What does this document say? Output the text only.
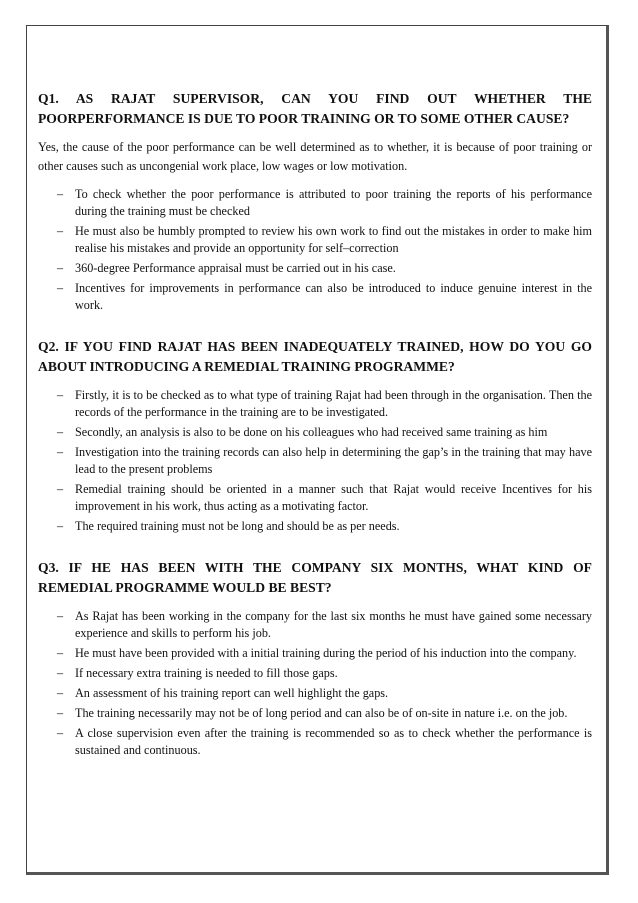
Q1. AS RAJAT SUPERVISOR, CAN YOU FIND OUT WHETHER THE POORPERFORMANCE IS DUE TO POOR TRAINING OR TO SOME OTHER CAUSE?

Yes, the cause of the poor performance can be well determined as to whether, it is because of poor training or other causes such as uncongenial work place, low wages or low motivation.

– To check whether the poor performance is attributed to poor training the reports of his performance during the training must be checked
– He must also be humbly prompted to review his own work to find out the mistakes in order to make him realise his mistakes and provide an opportunity for self–correction
– 360-degree Performance appraisal must be carried out in his case.
– Incentives for improvements in performance can also be introduced to induce genuine interest in the work.

Q2. IF YOU FIND RAJAT HAS BEEN INADEQUATELY TRAINED, HOW DO YOU GO ABOUT INTRODUCING A REMEDIAL TRAINING PROGRAMME?

– Firstly, it is to be checked as to what type of training Rajat had been through in the organisation. Then the records of the performance in the training are to be investigated.
– Secondly, an analysis is also to be done on his colleagues who had received same training as him
– Investigation into the training records can also help in determining the gap’s in the training that may have lead to the present problems
– Remedial training should be oriented in a manner such that Rajat would receive Incentives for his improvement in his work, thus acting as a motivating factor.
– The required training must not be long and should be as per needs.

Q3. IF HE HAS BEEN WITH THE COMPANY SIX MONTHS, WHAT KIND OF REMEDIAL PROGRAMME WOULD BE BEST?

– As Rajat has been working in the company for the last six months he must have gained some necessary experience and skills to perform his job.
– He must have been provided with a initial training during the period of his induction into the company.
– If necessary extra training is needed to fill those gaps.
– An assessment of his training report can well highlight the gaps.
– The training necessarily may not be of long period and can also be of on-site in nature i.e. on the job.
– A close supervision even after the training is recommended so as to check whether the performance is sustained and continuous.
